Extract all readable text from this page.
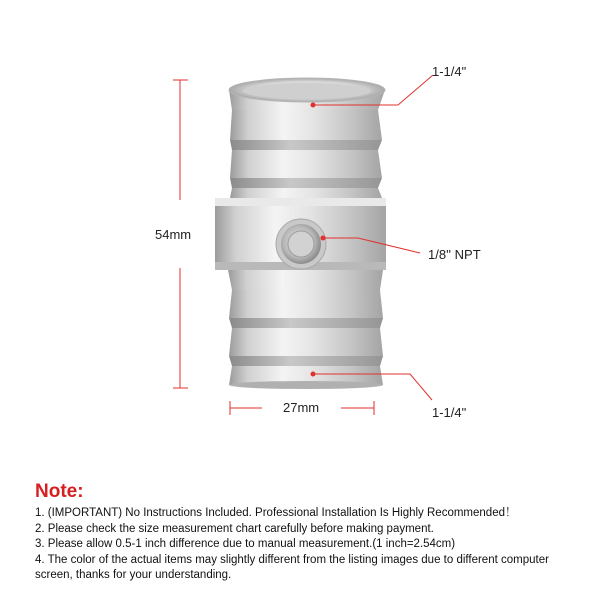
1-1/4"
1/8'' NPT
1-1/4"
54mm
27mm
Note:
1. (IMPORTANT) No Instructions Included. Professional Installation Is Highly Recommended！
2. Please check the size measurement chart carefully before making payment.
3. Please allow 0.5-1 inch difference due to manual measurement.(1 inch=2.54cm)
4. The color of the actual items may slightly different from the listing images due to different computer screen, thanks for your understanding.
